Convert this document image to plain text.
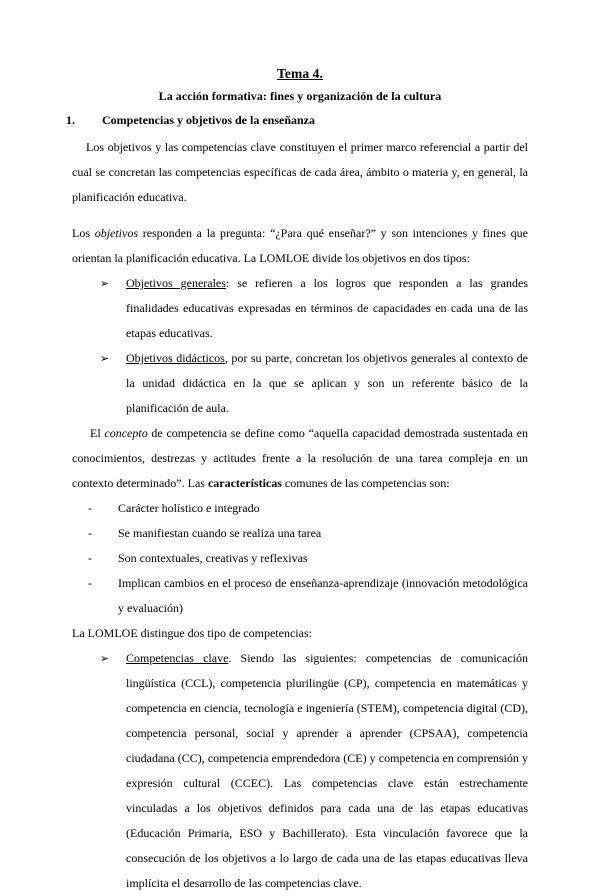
Tema 4.
La acción formativa: fines y organización de la cultura
1. Competencias y objetivos de la enseñanza

Los objetivos y las competencias clave constituyen el primer marco referencial a partir del cual se concretan las competencias específicas de cada área, ámbito o materia y, en general, la planificación educativa.

Los objetivos responden a la pregunta: “¿Para qué enseñar?” y son intenciones y fines que orientan la planificación educativa. La LOMLOE divide los objetivos en dos tipos:

➢ Objetivos generales: se refieren a los logros que responden a las grandes finalidades educativas expresadas en términos de capacidades en cada una de las etapas educativas.
➢ Objetivos didácticos, por su parte, concretan los objetivos generales al contexto de la unidad didáctica en la que se aplican y son un referente básico de la planificación de aula.

El concepto de competencia se define como “aquella capacidad demostrada sustentada en conocimientos, destrezas y actitudes frente a la resolución de una tarea compleja en un contexto determinado”. Las características comunes de las competencias son:

- Carácter holístico e integrado
- Se manifiestan cuando se realiza una tarea
- Son contextuales, creativas y reflexivas
- Implican cambios en el proceso de enseñanza-aprendizaje (innovación metodológica y evaluación)

La LOMLOE distingue dos tipo de competencias:

➢ Competencias clave. Siendo las siguientes: competencias de comunicación lingüística (CCL), competencia plurilingüe (CP), competencia en matemáticas y competencia en ciencia, tecnología e ingeniería (STEM), competencia digital (CD), competencia personal, social y aprender a aprender (CPSAA), competencia ciudadana (CC), competencia emprendedora (CE) y competencia en comprensión y expresión cultural (CCEC). Las competencias clave están estrechamente vinculadas a los objetivos definidos para cada una de las etapas educativas (Educación Primaria, ESO y Bachillerato). Esta vinculación favorece que la consecución de los objetivos a lo largo de cada una de las etapas educativas lleva implícita el desarrollo de las competencias clave.
